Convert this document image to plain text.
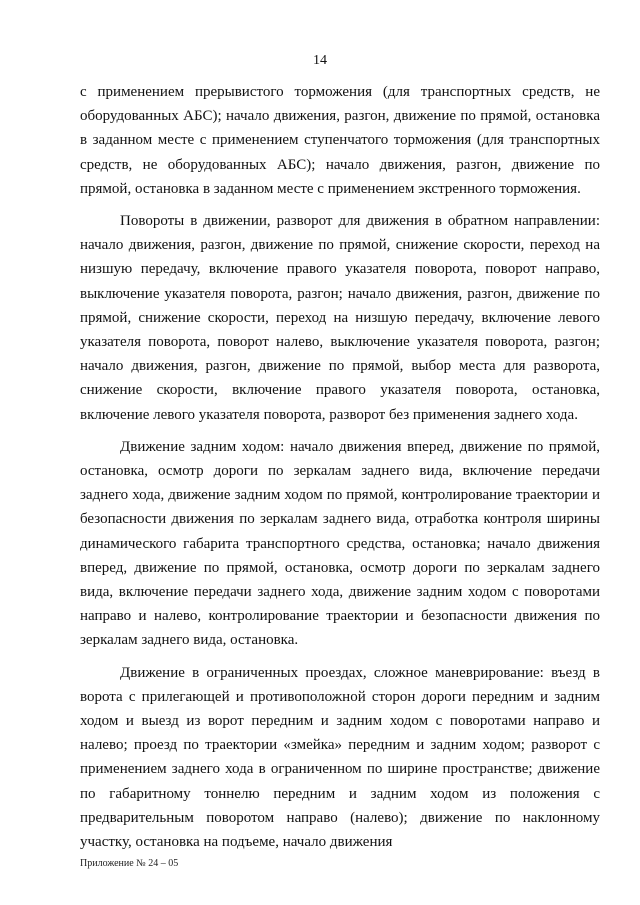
14

с применением прерывистого торможения (для транспортных средств, не оборудованных АБС); начало движения, разгон, движение по прямой, остановка в заданном месте с применением ступенчатого торможения (для транспортных средств, не оборудованных АБС); начало движения, разгон, движение по прямой, остановка в заданном месте с применением экстренного торможения.

Повороты в движении, разворот для движения в обратном направлении: начало движения, разгон, движение по прямой, снижение скорости, переход на низшую передачу, включение правого указателя поворота, поворот направо, выключение указателя поворота, разгон; начало движения, разгон, движение по прямой, снижение скорости, переход на низшую передачу, включение левого указателя поворота, поворот налево, выключение указателя поворота, разгон; начало движения, разгон, движение по прямой, выбор места для разворота, снижение скорости, включение правого указателя поворота, остановка, включение левого указателя поворота, разворот без применения заднего хода.

Движение задним ходом: начало движения вперед, движение по прямой, остановка, осмотр дороги по зеркалам заднего вида, включение передачи заднего хода, движение задним ходом по прямой, контролирование траектории и безопасности движения по зеркалам заднего вида, отработка контроля ширины динамического габарита транспортного средства, остановка; начало движения вперед, движение по прямой, остановка, осмотр дороги по зеркалам заднего вида, включение передачи заднего хода, движение задним ходом с поворотами направо и налево, контролирование траектории и безопасности движения по зеркалам заднего вида, остановка.

Движение в ограниченных проездах, сложное маневрирование: въезд в ворота с прилегающей и противоположной сторон дороги передним и задним ходом и выезд из ворот передним и задним ходом с поворотами направо и налево; проезд по траектории «змейка» передним и задним ходом; разворот с применением заднего хода в ограниченном по ширине пространстве; движение по габаритному тоннелю передним и задним ходом из положения с предварительным поворотом направо (налево); движение по наклонному участку, остановка на подъеме, начало движения

Приложение № 24 – 05
